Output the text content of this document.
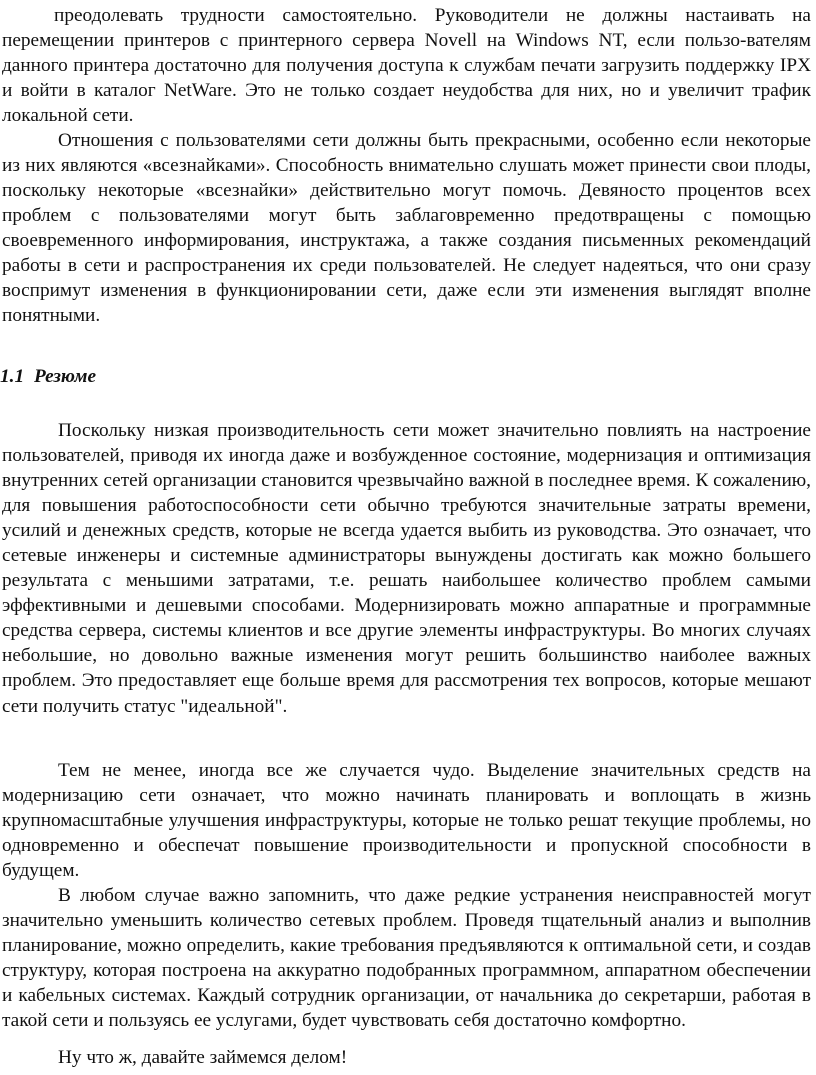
преодолевать трудности самостоятельно. Руководители не должны настаивать на перемещении принтеров с принтерного сервера Novell на Windows NT, если пользо-вателям данного принтера достаточно для получения доступа к службам печати загрузить поддержку IPX и войти в каталог NetWare. Это не только создает неудобства для них, но и увеличит трафик локальной сети.

Отношения с пользователями сети должны быть прекрасными, особенно если некоторые из них являются «всезнайками». Способность внимательно слушать может принести свои плоды, поскольку некоторые «всезнайки» действительно могут помочь. Девяносто процентов всех проблем с пользователями могут быть заблаговременно предотвращены с помощью своевременного информирования, инструктажа, а также создания письменных рекомендаций работы в сети и распространения их среди пользователей. Не следует надеяться, что они сразу воспримут изменения в функционировании сети, даже если эти изменения выглядят вполне понятными.

1.1 Резюме

Поскольку низкая производительность сети может значительно повлиять на настроение пользователей, приводя их иногда даже и возбужденное состояние, модернизация и оптимизация внутренних сетей организации становится чрезвычайно важной в последнее время. К сожалению, для повышения работоспособности сети обычно требуются значительные затраты времени, усилий и денежных средств, которые не всегда удается выбить из руководства. Это означает, что сетевые инженеры и системные администраторы вынуждены достигать как можно большего результата с меньшими затратами, т.е. решать наибольшее количество проблем самыми эффективными и дешевыми способами. Модернизировать можно аппаратные и программные средства сервера, системы клиентов и все другие элементы инфраструктуры. Во многих случаях небольшие, но довольно важные изменения могут решить большинство наиболее важных проблем. Это предоставляет еще больше время для рассмотрения тех вопросов, которые мешают сети получить статус "идеальной".

Тем не менее, иногда все же случается чудо. Выделение значительных средств на модернизацию сети означает, что можно начинать планировать и воплощать в жизнь крупномасштабные улучшения инфраструктуры, которые не только решат текущие проблемы, но одновременно и обеспечат повышение производительности и пропускной способности в будущем.

В любом случае важно запомнить, что даже редкие устранения неисправностей могут значительно уменьшить количество сетевых проблем. Проведя тщательный анализ и выполнив планирование, можно определить, какие требования предъявляются к оптимальной сети, и создав структуру, которая построена на аккуратно подобранных программном, аппаратном обеспечении и кабельных системах. Каждый сотрудник организации, от начальника до секретарши, работая в такой сети и пользуясь ее услугами, будет чувствовать себя достаточно комфортно.

Ну что ж, давайте займемся делом!
